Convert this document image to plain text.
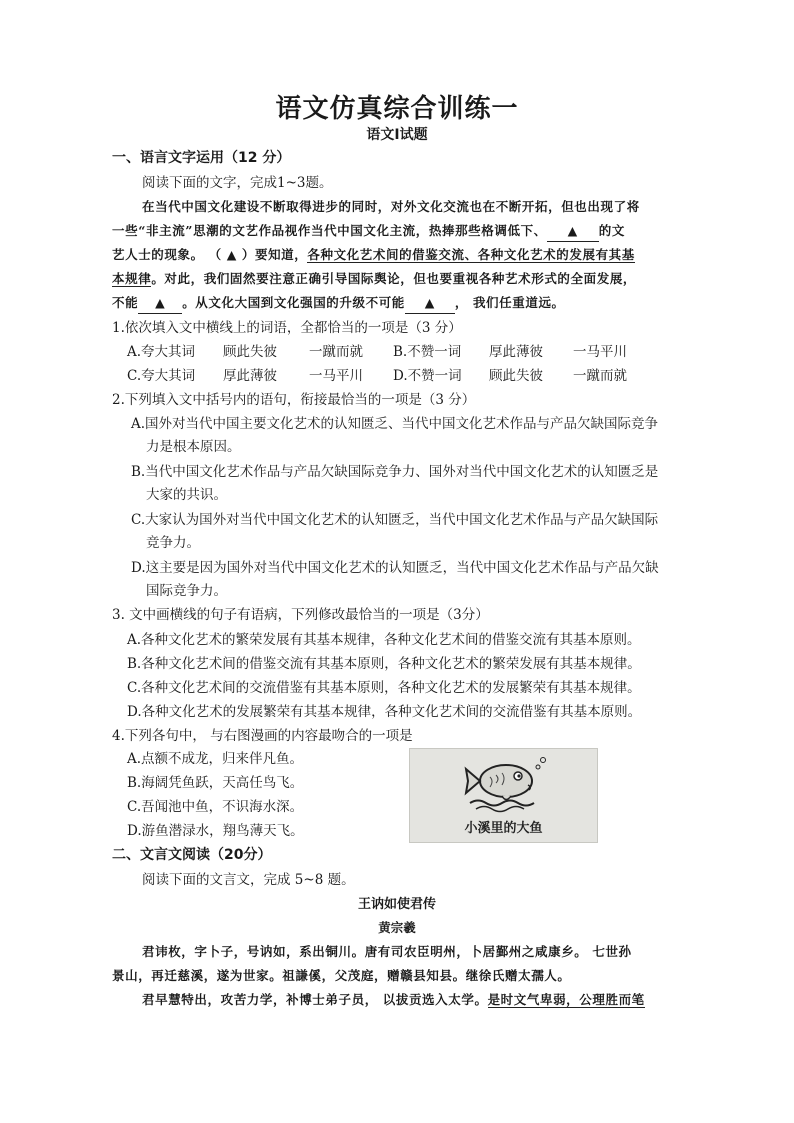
语文仿真综合训练一
语文Ⅰ试题
一、语言文字运用（12 分）
阅读下面的文字，完成1~3题。
在当代中国文化建设不断取得进步的同时，对外文化交流也在不断开拓，但也出现了将
一些“非主流”思潮的文艺作品视作当代中国文化主流，热捧那些格调低下、 ▲ 的文
艺人士的现象。 （ ▲ ）要知道，各种文化艺术间的借鉴交流、各种文化艺术的发展有其基
本规律。对此，我们固然要注意正确引导国际舆论，但也要重视各种艺术形式的全面发展，
不能 ▲ 。从文化大国到文化强国的升级不可能 ▲ ， 我们任重道远。
1.依次填入文中横线上的词语，全都恰当的一项是（3 分）
A.夸大其词 顾此失彼 一蹴而就 B.不赞一词 厚此薄彼 一马平川
C.夸大其词 厚此薄彼 一马平川 D.不赞一词 顾此失彼 一蹴而就
2.下列填入文中括号内的语句，衔接最恰当的一项是（3 分）
A.国外对当代中国主要文化艺术的认知匮乏、当代中国文化艺术作品与产品欠缺国际竞争
力是根本原因。
B.当代中国文化艺术作品与产品欠缺国际竞争力、国外对当代中国文化艺术的认知匮乏是
大家的共识。
C.大家认为国外对当代中国文化艺术的认知匮乏，当代中国文化艺术作品与产品欠缺国际
竞争力。
D.这主要是因为国外对当代中国文化艺术的认知匮乏，当代中国文化艺术作品与产品欠缺
国际竞争力。
3. 文中画横线的句子有语病，下列修改最恰当的一项是（3分）
A.各种文化艺术的繁荣发展有其基本规律，各种文化艺术间的借鉴交流有其基本原则。
B.各种文化艺术间的借鉴交流有其基本原则，各种文化艺术的繁荣发展有其基本规律。
C.各种文化艺术间的交流借鉴有其基本原则，各种文化艺术的发展繁荣有其基本规律。
D.各种文化艺术的发展繁荣有其基本规律，各种文化艺术间的交流借鉴有其基本原则。
4.下列各句中， 与右图漫画的内容最吻合的一项是
A.点额不成龙，归来伴凡鱼。
B.海阔凭鱼跃，天高任鸟飞。
C.吾闻池中鱼，不识海水深。
D.游鱼潜渌水，翔鸟薄天飞。	小溪里的大鱼
二、文言文阅读（20分）
阅读下面的文言文，完成 5~8 题。
王讷如使君传
黄宗羲
君讳枚，字卜子，号讷如，系出铜川。唐有司农臣明州，卜居鄞州之咸康乡。 七世孙
景山，再迁慈溪，遂为世家。祖謙傒，父茂庭，赠赣县知县。继徐氏赠太孺人。
君早慧特出，攻苦力学，补博士弟子员， 以拔贡选入太学。是时文气卑弱，公理胜而笔
